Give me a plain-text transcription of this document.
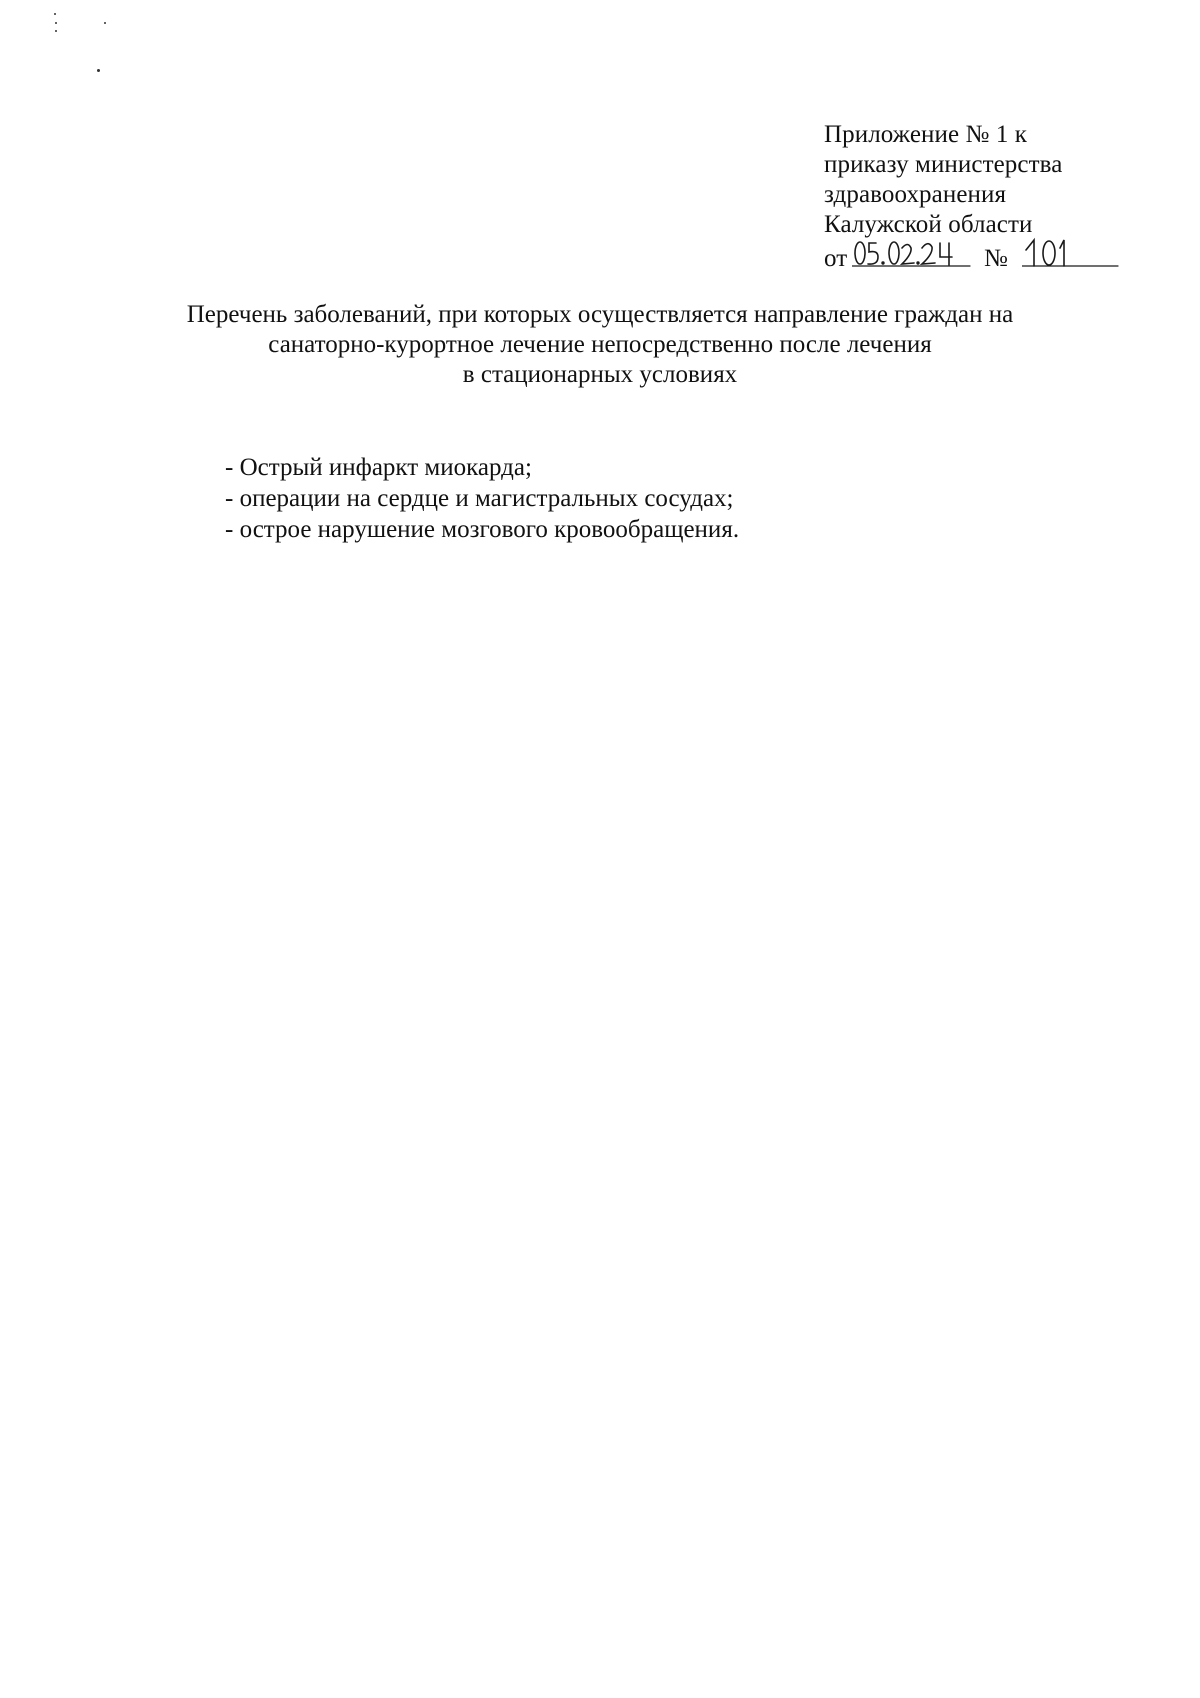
Приложение № 1 к
приказу министерства
здравоохранения
Калужской области
от	№
Перечень заболеваний, при которых осуществляется направление граждан на
санаторно-курортное лечение непосредственно после лечения
в стационарных условиях
- Острый инфаркт миокарда;
- операции на сердце и магистральных сосудах;
- острое нарушение мозгового кровообращения.
